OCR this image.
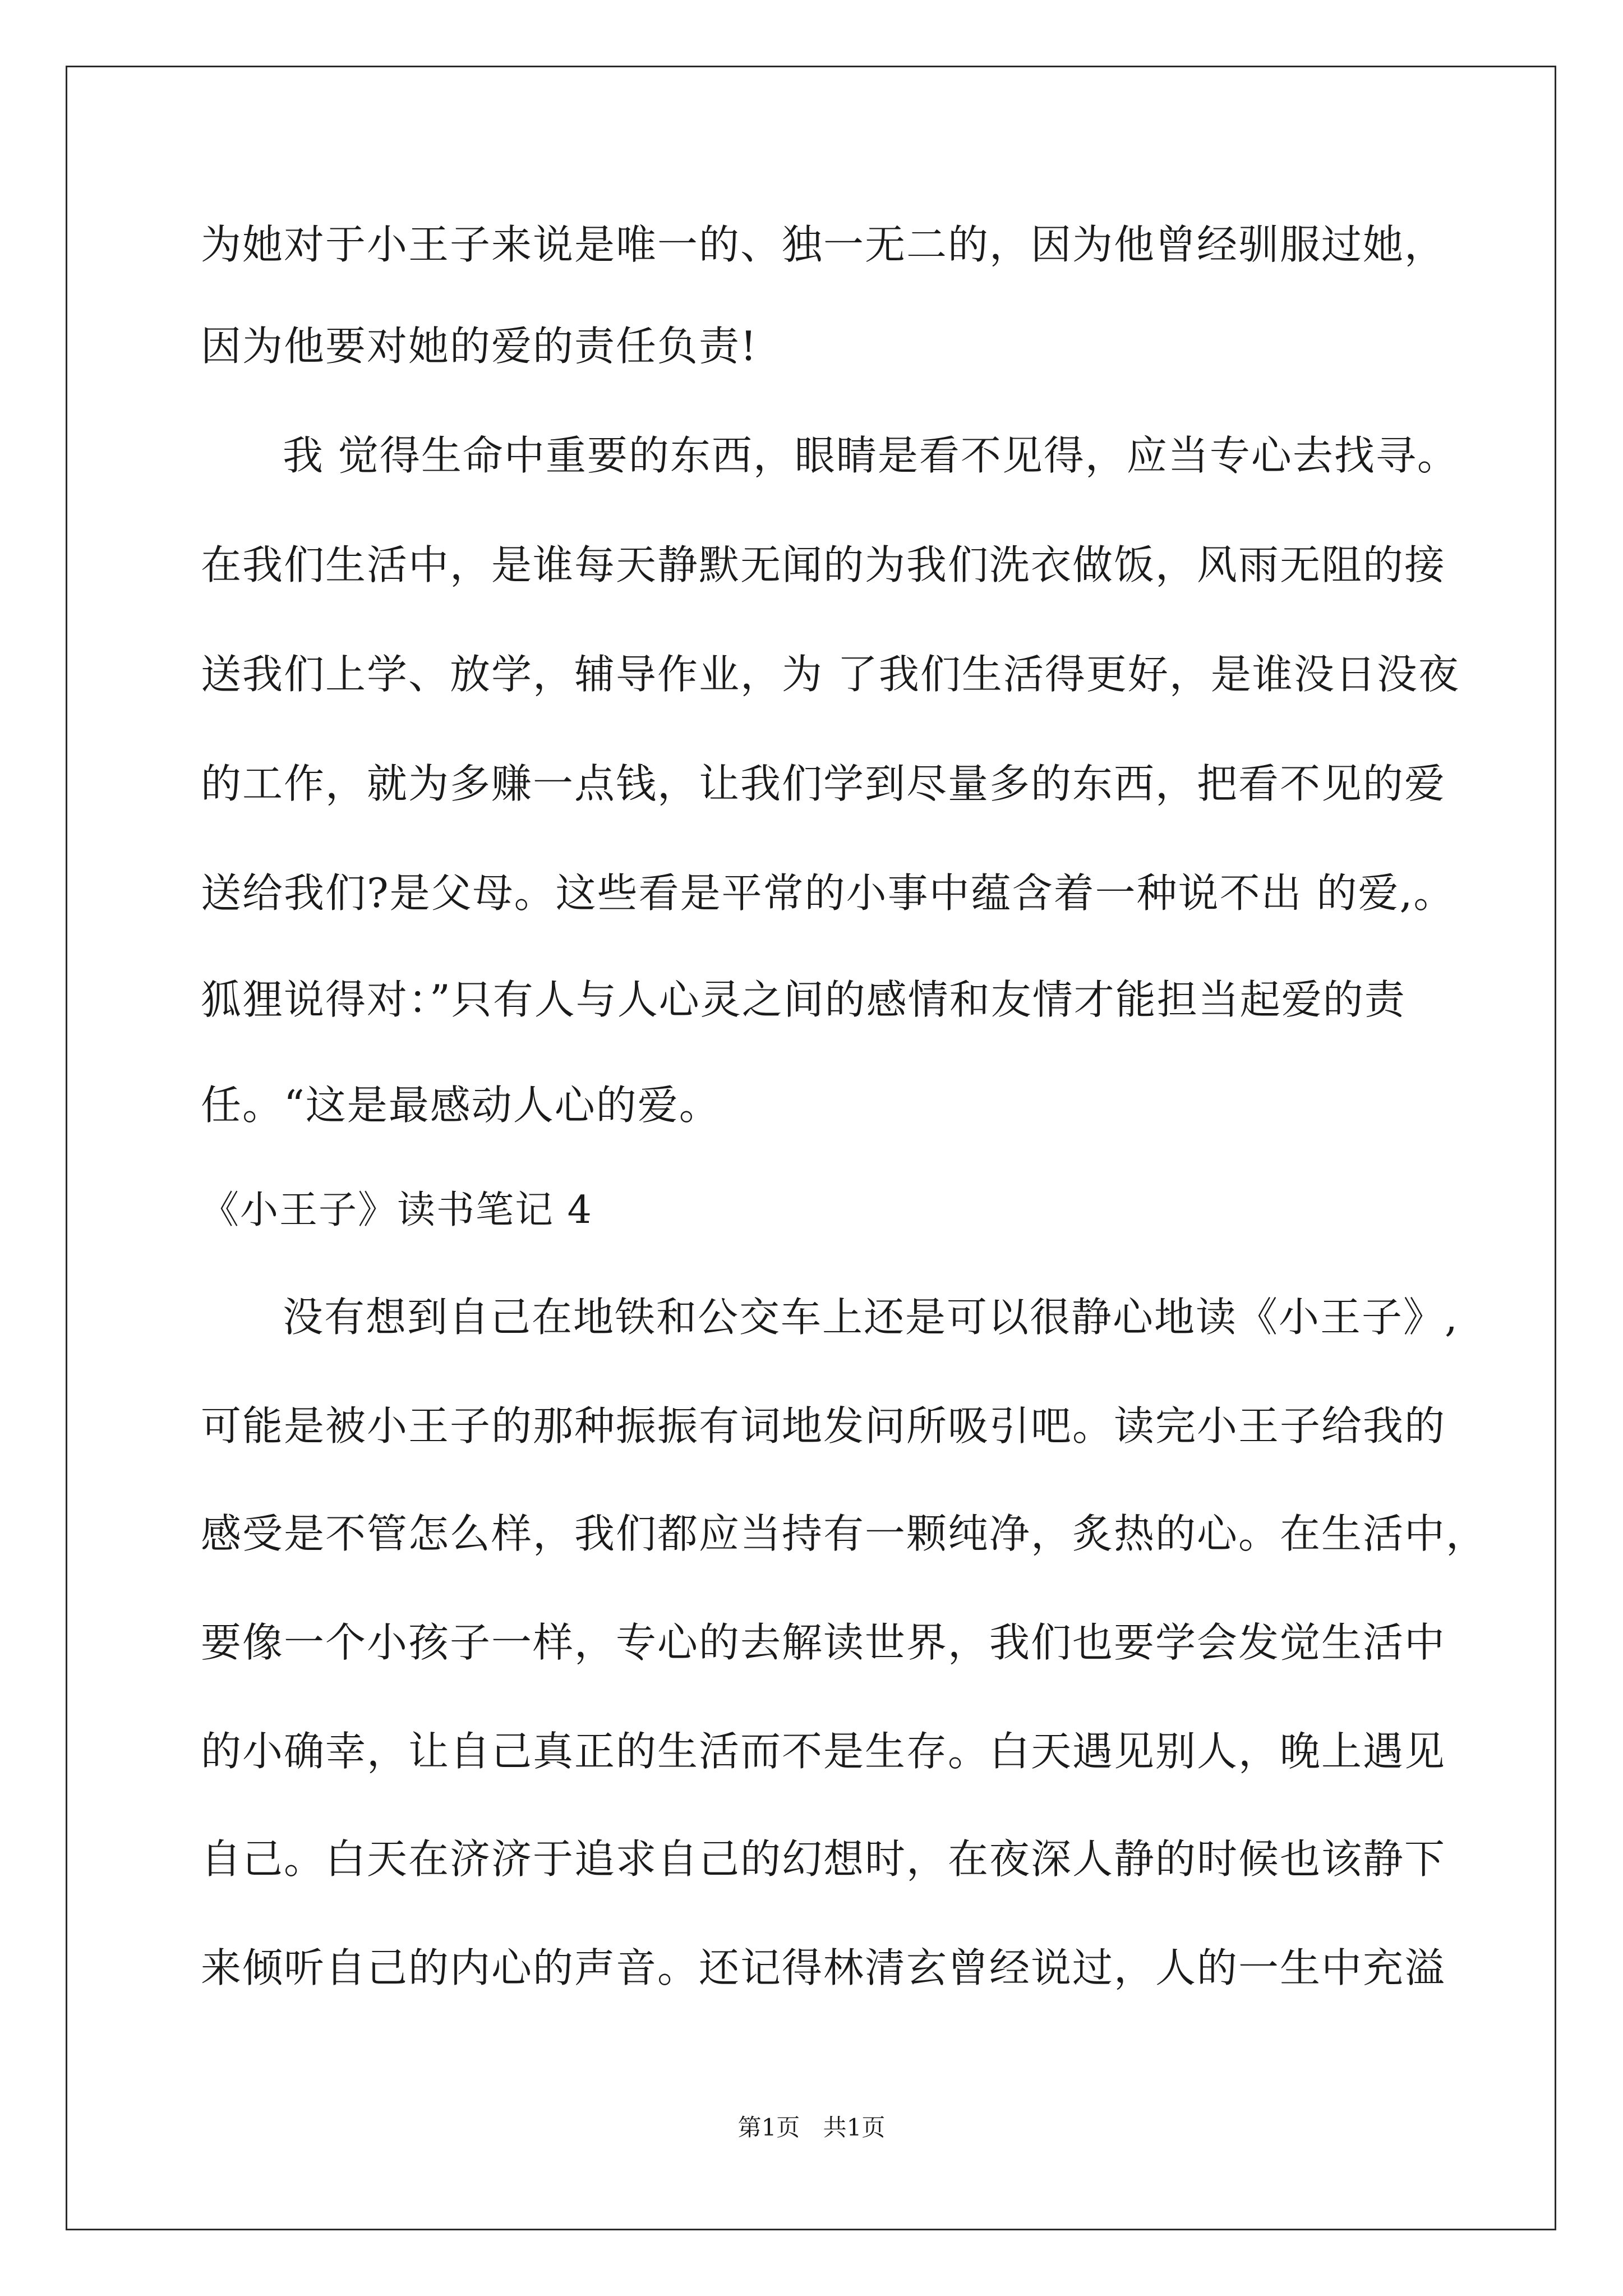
为她对于小王子来说是唯一的、独一无二的，因为他曾经驯服过她，
因为他要对她的爱的责任负责!
我 觉得生命中重要的东西，眼睛是看不见得，应当专心去找寻。
在我们生活中，是谁每天静默无闻的为我们洗衣做饭，风雨无阻的接
送我们上学、放学，辅导作业，为 了我们生活得更好，是谁没日没夜
的工作，就为多赚一点钱，让我们学到尽量多的东西，把看不见的爱
送给我们?是父母。这些看是平常的小事中蕴含着一种说不出 的爱,。
狐狸说得对：”只有人与人心灵之间的感情和友情才能担当起爱的责
任。“这是最感动人心的爱。
《小王子》读书笔记 4
没有想到自己在地铁和公交车上还是可以很静心地读《小王子》,
可能是被小王子的那种振振有词地发问所吸引吧。读完小王子给我的
感受是不管怎么样，我们都应当持有一颗纯净，炙热的心。在生活中，
要像一个小孩子一样，专心的去解读世界，我们也要学会发觉生活中
的小确幸，让自己真正的生活而不是生存。白天遇见别人，晚上遇见
自己。白天在济济于追求自己的幻想时，在夜深人静的时候也该静下
来倾听自己的内心的声音。还记得林清玄曾经说过，人的一生中充溢
第1页 共1页
